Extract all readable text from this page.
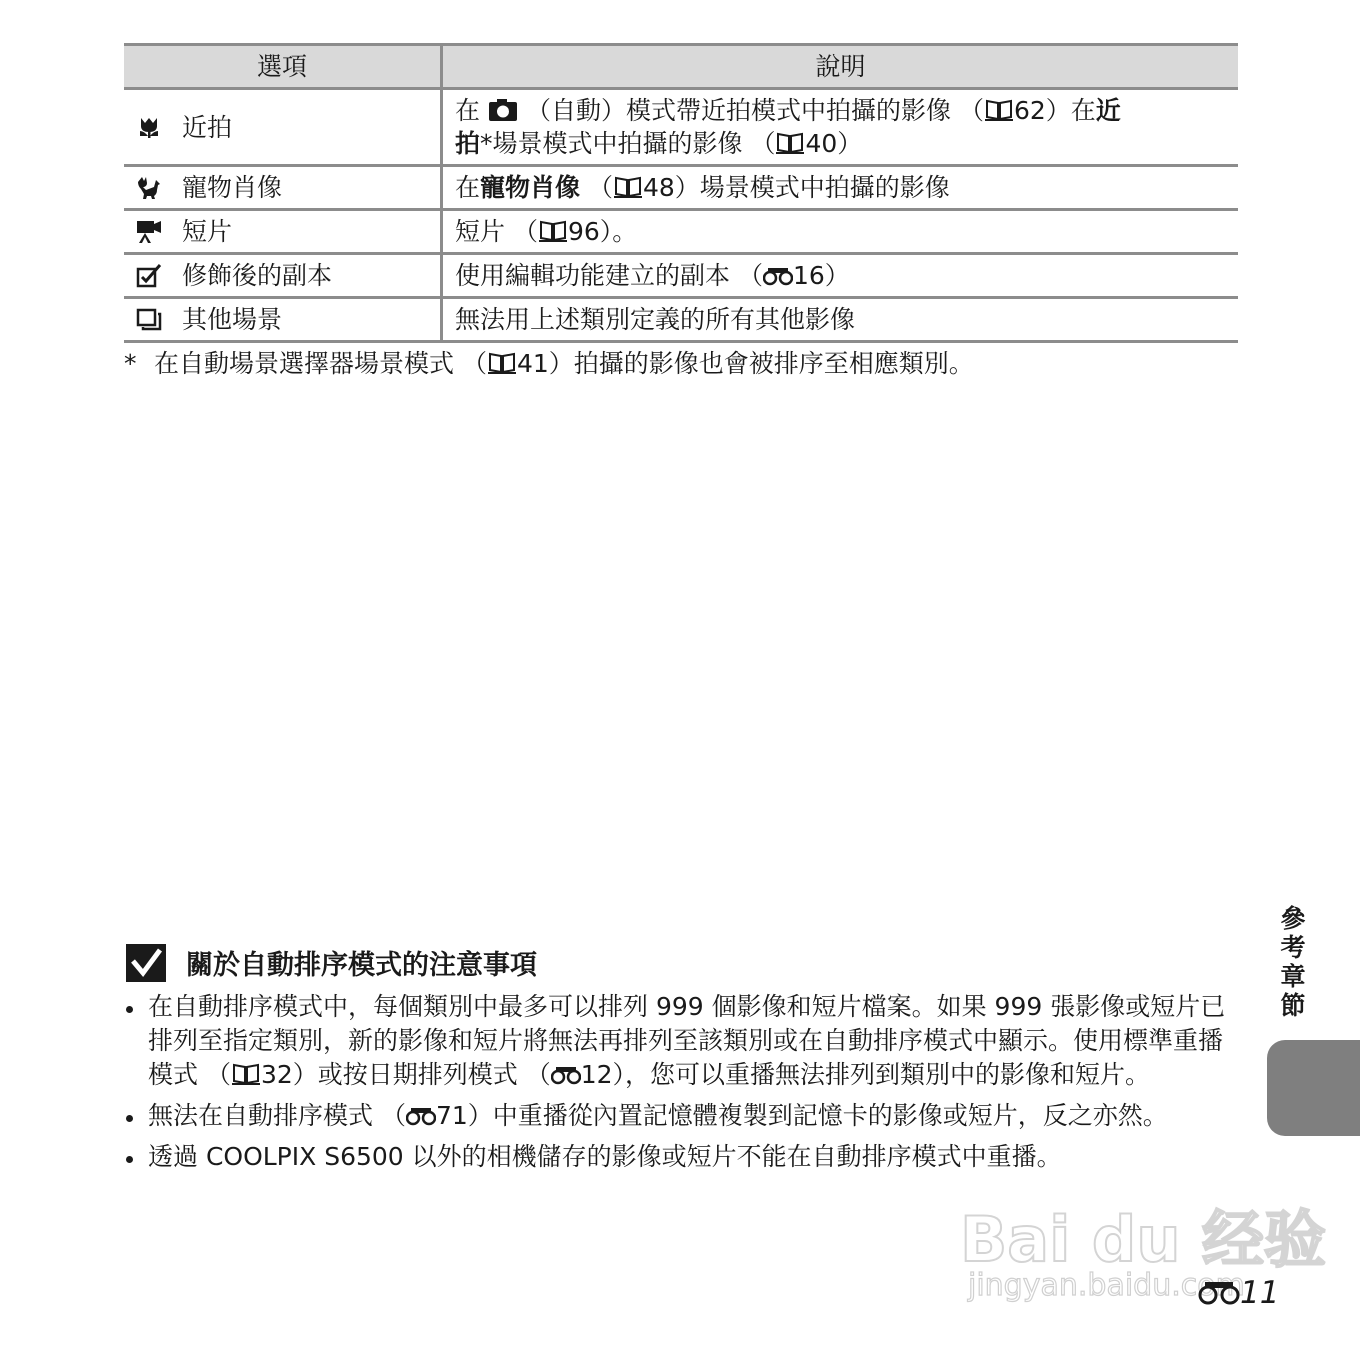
選項	說明

近拍	在 （自動）模式帶近拍模式中拍攝的影像 （ 62）在近
拍*場景模式中拍攝的影像 （ 40）

寵物肖像	在寵物肖像 （ 48）場景模式中拍攝的影像

短片	短片 （ 96）。

修飾後的副本	使用編輯功能建立的副本 （ 16）

其他場景	無法用上述類別定義的所有其他影像
* 在自動場景選擇器場景模式 （ 41）拍攝的影像也會被排序至相應類別。
關於自動排序模式的注意事項
在自動排序模式中，每個類別中最多可以排列 999 個影像和短片檔案。如果 999 張影像或短片已排列至指定類別，新的影像和短片將無法再排列至該類別或在自動排序模式中顯示。使用標準重播模式 （ 32）或按日期排列模式 （ 12），您可以重播無法排列到類別中的影像和短片。
無法在自動排序模式 （ 71）中重播從內置記憶體複製到記憶卡的影像或短片，反之亦然。
透過 COOLPIX S6500 以外的相機儲存的影像或短片不能在自動排序模式中重播。
參
考
章
節
Bai du 经验
jingyan.baidu.com
11
